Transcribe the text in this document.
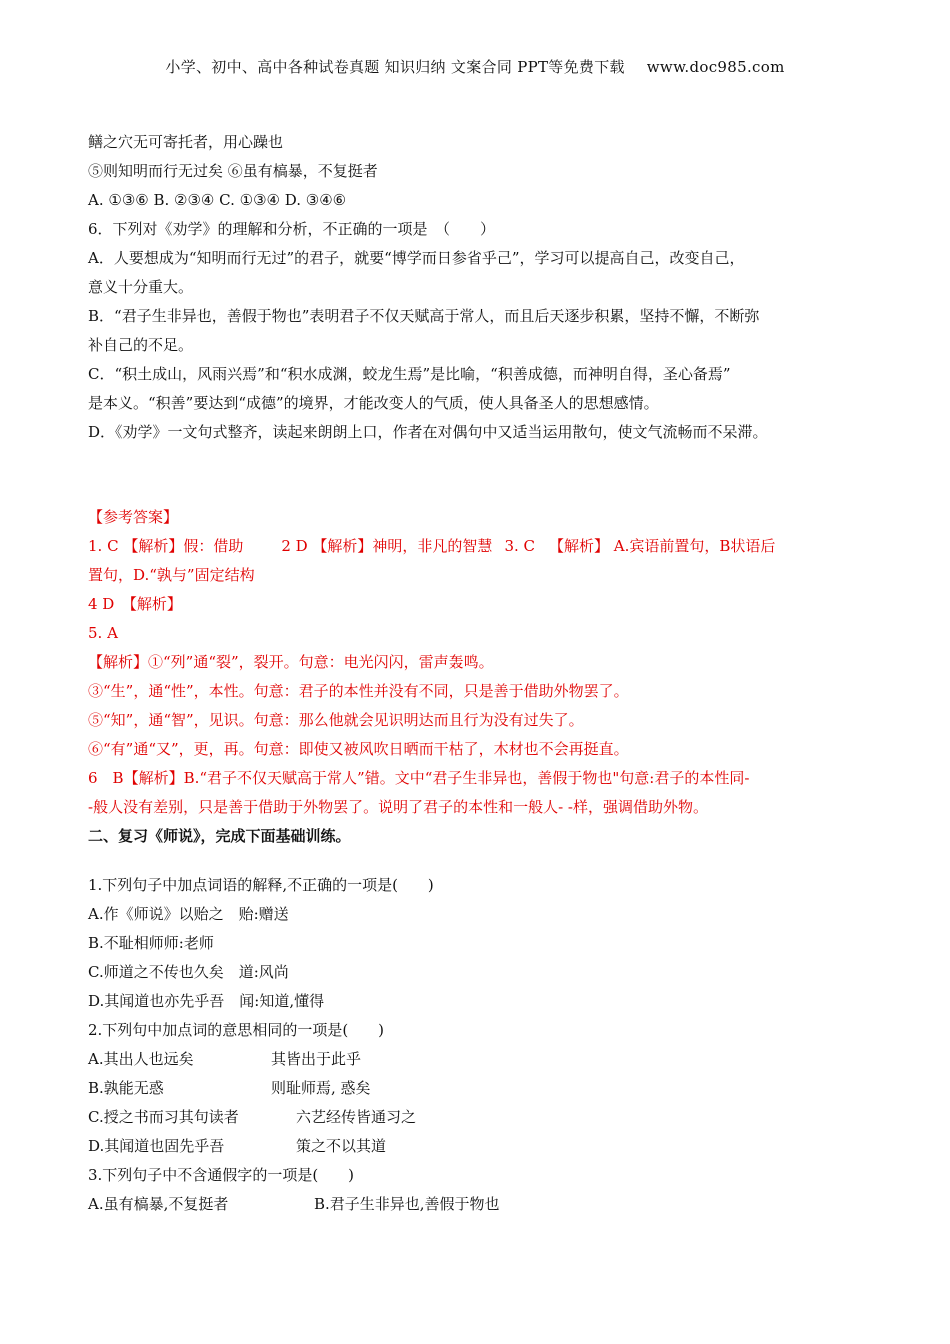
小学、初中、高中各种试卷真题 知识归纳 文案合同 PPT等免费下载 www.doc985.com
鳝之穴无可寄托者，用心躁也
⑤则知明而行无过矣 ⑥虽有槁暴，不复挺者
A. ①③⑥ B. ②③④ C. ①③④ D. ③④⑥
6．下列对《劝学》的理解和分析，不正确的一项是　（　　）
A．人要想成为“知明而行无过”的君子，就要“博学而日参省乎己”，学习可以提高自己，改变自己，
意义十分重大。
B．“君子生非异也，善假于物也”表明君子不仅天赋高于常人，而且后天逐步积累，坚持不懈，不断弥
补自己的不足。
C．“积土成山，风雨兴焉”和“积水成渊，蛟龙生焉”是比喻，“积善成德，而神明自得，圣心备焉”
是本义。“积善”要达到“成德”的境界，才能改变人的气质，使人具备圣人的思想感情。
D．《劝学》一文句式整齐，读起来朗朗上口，作者在对偶句中又适当运用散句，使文气流畅而不呆滞。
【参考答案】
1. C 【解析】假：借助	2 D 【解析】神明，非凡的智慧 3. C 【解析】 A.宾语前置句，B状语后
置句，D.“孰与”固定结构
4 D　【解析】
5. A
【解析】①“列”通“裂”，裂开。句意：电光闪闪，雷声轰鸣。
③“生”，通“性”，本性。句意：君子的本性并没有不同，只是善于借助外物罢了。
⑤“知”，通“智”，见识。句意：那么他就会见识明达而且行为没有过失了。
⑥“有”通“又”，更，再。句意：即使又被风吹日晒而干枯了，木材也不会再挺直。
6　B【解析】B.“君子不仅天赋高于常人”错。文中“君子生非异也，善假于物也"句意:君子的本性同-
-般人没有差别，只是善于借助于外物罢了。说明了君子的本性和一般人- -样，强调借助外物。
二、复习《师说》，完成下面基础训练。
1.下列句子中加点词语的解释,不正确的一项是(　　)
A.作《师说》以贻之　贻:赠送
B.不耻相师师:老师
C.师道之不传也久矣　道:风尚
D.其闻道也亦先乎吾　闻:知道,懂得
2.下列句中加点词的意思相同的一项是(　　)
A.其出人也远矣	其皆出于此乎
B.孰能无惑	则耻师焉, 惑矣
C.授之书而习其句读者	六艺经传皆通习之
D.其闻道也固先乎吾	策之不以其道
3.下列句子中不含通假字的一项是(　　)
A.虽有槁暴,不复挺者	B.君子生非异也,善假于物也
